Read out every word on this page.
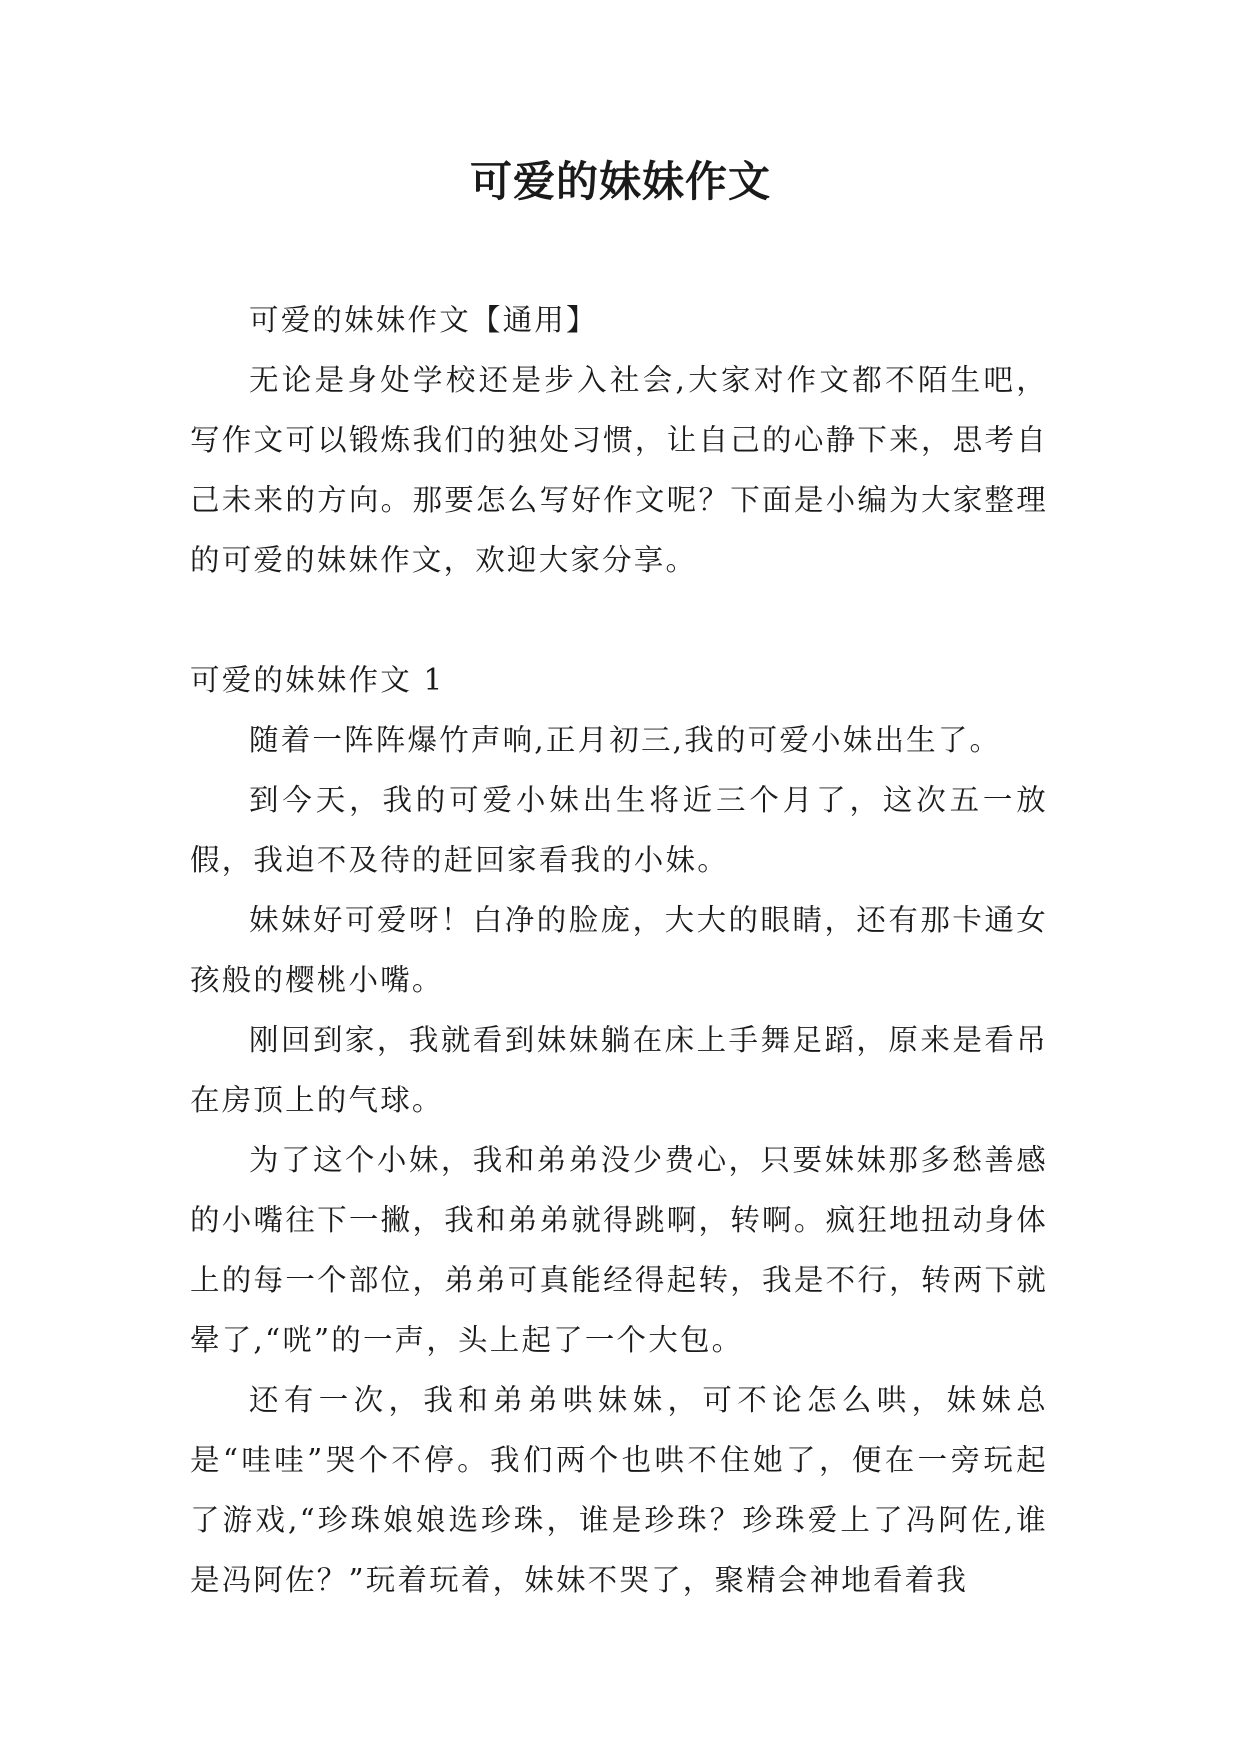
可爱的妹妹作文

可爱的妹妹作文【通用】

无论是身处学校还是步入社会,大家对作文都不陌生吧，写作文可以锻炼我们的独处习惯，让自己的心静下来，思考自己未来的方向。那要怎么写好作文呢？下面是小编为大家整理的可爱的妹妹作文，欢迎大家分享。

可爱的妹妹作文 1

随着一阵阵爆竹声响,正月初三,我的可爱小妹出生了。

到今天，我的可爱小妹出生将近三个月了，这次五一放假，我迫不及待的赶回家看我的小妹。

妹妹好可爱呀！白净的脸庞，大大的眼睛，还有那卡通女孩般的樱桃小嘴。

刚回到家，我就看到妹妹躺在床上手舞足蹈，原来是看吊在房顶上的气球。

为了这个小妹，我和弟弟没少费心，只要妹妹那多愁善感的小嘴往下一撇，我和弟弟就得跳啊，转啊。疯狂地扭动身体上的每一个部位，弟弟可真能经得起转，我是不行，转两下就晕了,“咣”的一声，头上起了一个大包。

还有一次，我和弟弟哄妹妹，可不论怎么哄，妹妹总是“哇哇”哭个不停。我们两个也哄不住她了，便在一旁玩起了游戏,“珍珠娘娘选珍珠，谁是珍珠？珍珠爱上了冯阿佐,谁是冯阿佐？”玩着玩着，妹妹不哭了，聚精会神地看着我
